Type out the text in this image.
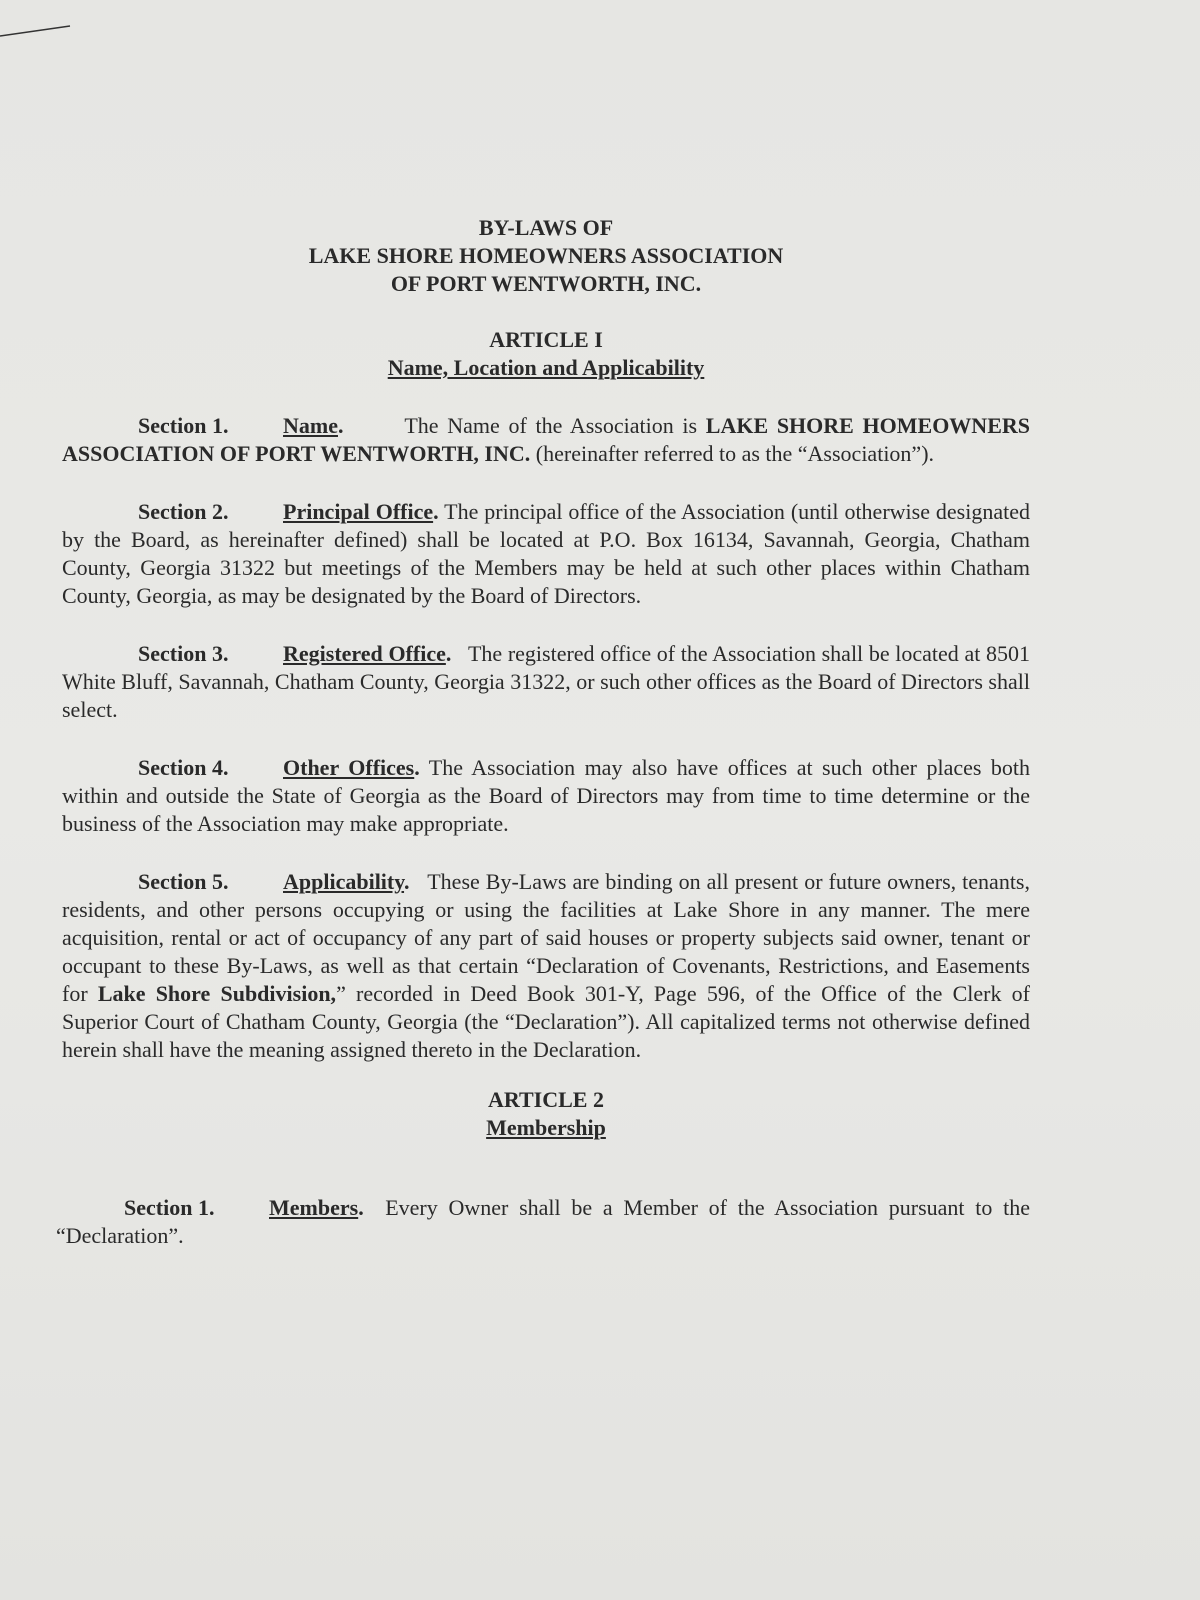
BY-LAWS OF
LAKE SHORE HOMEOWNERS ASSOCIATION
OF PORT WENTWORTH, INC.
ARTICLE I
Name, Location and Applicability

Section 1. Name.	The Name of the Association is LAKE SHORE HOMEOWNERS ASSOCIATION OF PORT WENTWORTH, INC. (hereinafter referred to as the “Association”).

Section 2. Principal Office. The principal office of the Association (until otherwise designated by the Board, as hereinafter defined) shall be located at P.O. Box 16134, Savannah, Georgia, Chatham County, Georgia 31322 but meetings of the Members may be held at such other places within Chatham County, Georgia, as may be designated by the Board of Directors.

Section 3. Registered Office. The registered office of the Association shall be located at 8501 White Bluff, Savannah, Chatham County, Georgia 31322, or such other offices as the Board of Directors shall select.

Section 4. Other Offices. The Association may also have offices at such other places both within and outside the State of Georgia as the Board of Directors may from time to time determine or the business of the Association may make appropriate.

Section 5. Applicability. These By-Laws are binding on all present or future owners, tenants, residents, and other persons occupying or using the facilities at Lake Shore in any manner. The mere acquisition, rental or act of occupancy of any part of said houses or property subjects said owner, tenant or occupant to these By-Laws, as well as that certain “Declaration of Covenants, Restrictions, and Easements for Lake Shore Subdivision,” recorded in Deed Book 301-Y, Page 596, of the Office of the Clerk of Superior Court of Chatham County, Georgia (the “Declaration”). All capitalized terms not otherwise defined herein shall have the meaning assigned thereto in the Declaration.

ARTICLE 2
Membership

Section 1. Members. Every Owner shall be a Member of the Association pursuant to the “Declaration”.
